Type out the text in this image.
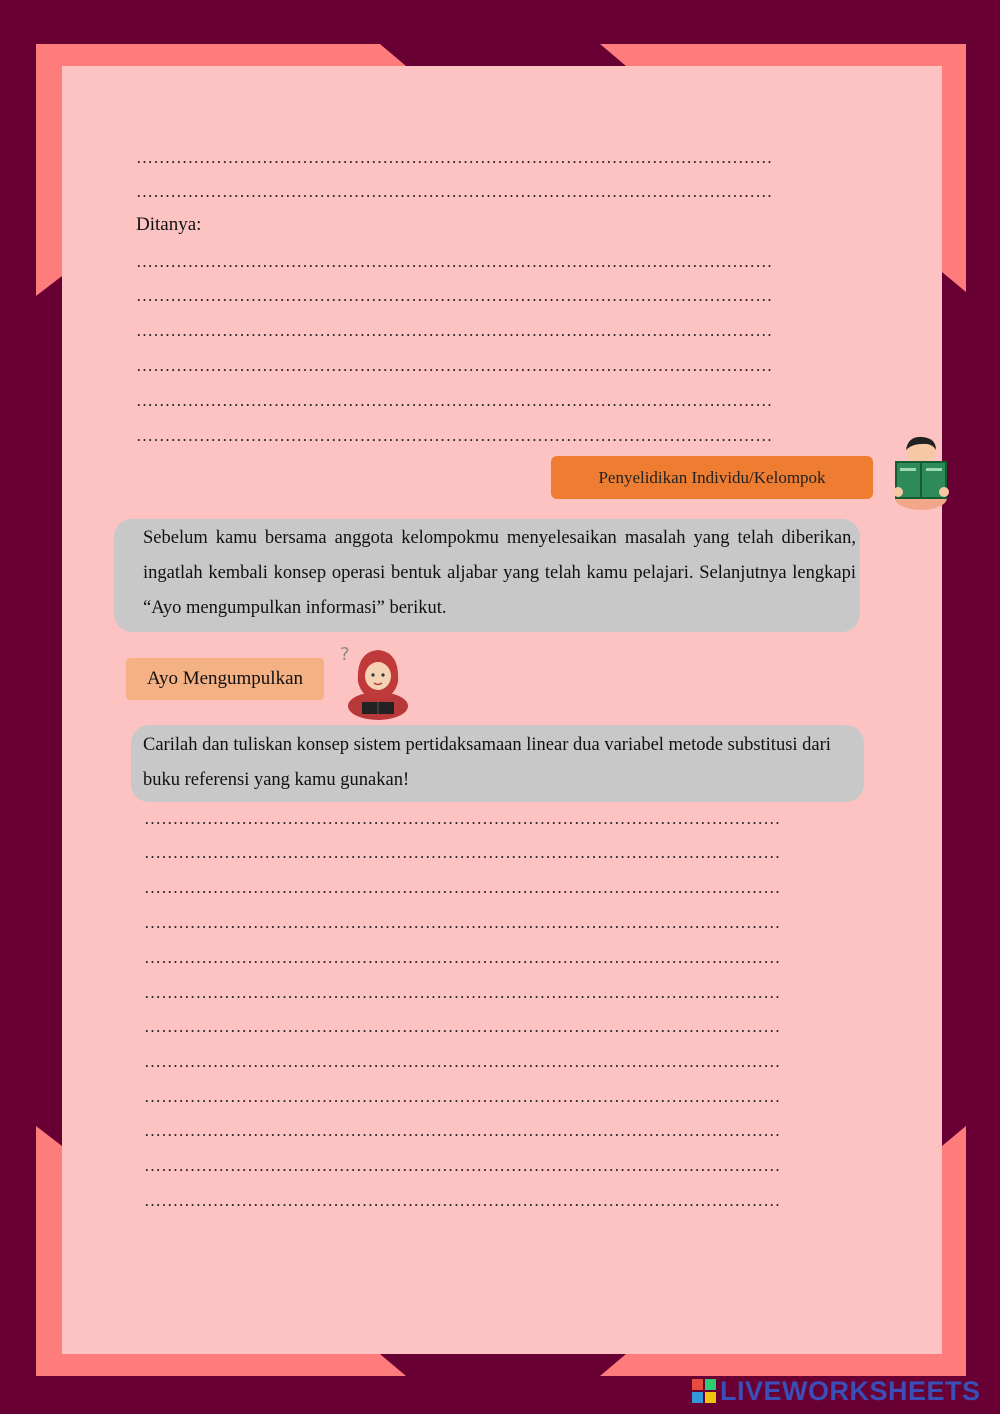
…………………………………………………………………………………………………
…………………………………………………………………………………………………
Ditanya:
…………………………………………………………………………………………………
…………………………………………………………………………………………………
…………………………………………………………………………………………………
…………………………………………………………………………………………………
…………………………………………………………………………………………………
…………………………………………………………………………………………………
Penyelidikan Individu/Kelompok

Sebelum kamu bersama anggota kelompokmu menyelesaikan masalah yang telah diberikan, ingatlah kembali konsep operasi bentuk aljabar yang telah kamu pelajari. Selanjutnya lengkapi “Ayo mengumpulkan informasi” berikut.

Ayo Mengumpulkan
?

Carilah dan tuliskan konsep sistem pertidaksamaan linear dua variabel metode substitusi dari buku referensi yang kamu gunakan!

…………………………………………………………………………………………………
…………………………………………………………………………………………………
…………………………………………………………………………………………………
…………………………………………………………………………………………………
…………………………………………………………………………………………………
…………………………………………………………………………………………………
…………………………………………………………………………………………………
…………………………………………………………………………………………………
…………………………………………………………………………………………………
…………………………………………………………………………………………………
…………………………………………………………………………………………………
…………………………………………………………………………………………………
LIVEWORKSHEETS
